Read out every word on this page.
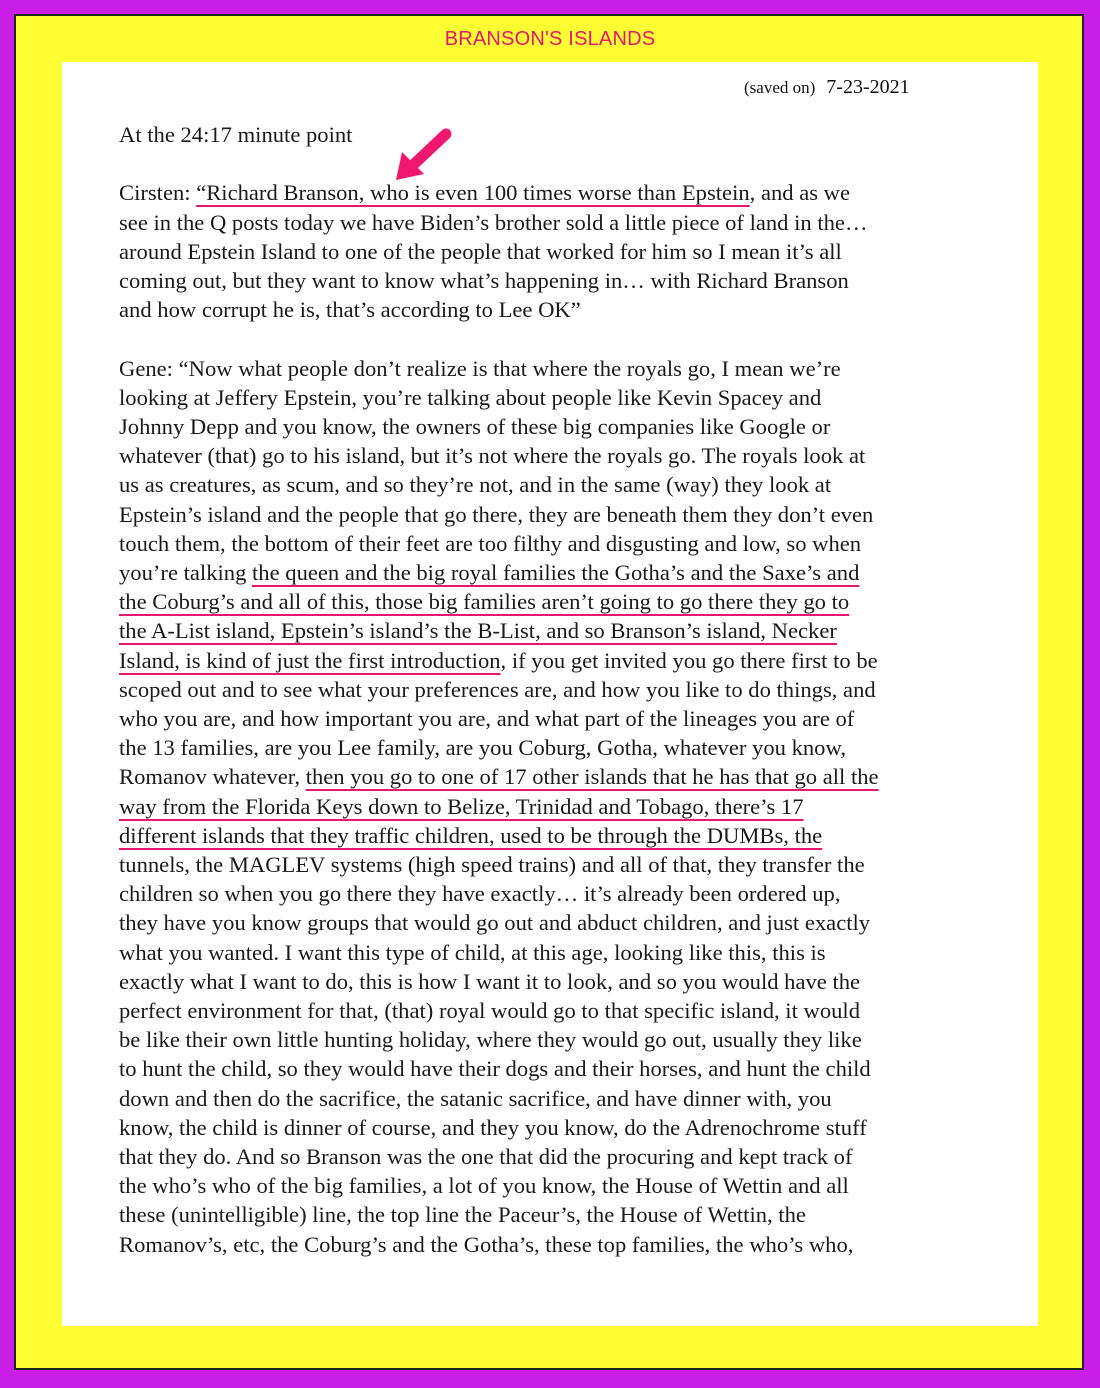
BRANSON'S ISLANDS
(saved on) 7-23-2021

At the 24:17 minute point

Cirsten: “Richard Branson, who is even 100 times worse than Epstein, and as we
see in the Q posts today we have Biden’s brother sold a little piece of land in the…
around Epstein Island to one of the people that worked for him so I mean it’s all
coming out, but they want to know what’s happening in… with Richard Branson
and how corrupt he is, that’s according to Lee OK”

Gene: “Now what people don’t realize is that where the royals go, I mean we’re
looking at Jeffery Epstein, you’re talking about people like Kevin Spacey and
Johnny Depp and you know, the owners of these big companies like Google or
whatever (that) go to his island, but it’s not where the royals go. The royals look at
us as creatures, as scum, and so they’re not, and in the same (way) they look at
Epstein’s island and the people that go there, they are beneath them they don’t even
touch them, the bottom of their feet are too filthy and disgusting and low, so when
you’re talking the queen and the big royal families the Gotha’s and the Saxe’s and
the Coburg’s and all of this, those big families aren’t going to go there they go to
the A-List island, Epstein’s island’s the B-List, and so Branson’s island, Necker
Island, is kind of just the first introduction, if you get invited you go there first to be
scoped out and to see what your preferences are, and how you like to do things, and
who you are, and how important you are, and what part of the lineages you are of
the 13 families, are you Lee family, are you Coburg, Gotha, whatever you know,
Romanov whatever, then you go to one of 17 other islands that he has that go all the
way from the Florida Keys down to Belize, Trinidad and Tobago, there’s 17
different islands that they traffic children, used to be through the DUMBs, the
tunnels, the MAGLEV systems (high speed trains) and all of that, they transfer the
children so when you go there they have exactly… it’s already been ordered up,
they have you know groups that would go out and abduct children, and just exactly
what you wanted. I want this type of child, at this age, looking like this, this is
exactly what I want to do, this is how I want it to look, and so you would have the
perfect environment for that, (that) royal would go to that specific island, it would
be like their own little hunting holiday, where they would go out, usually they like
to hunt the child, so they would have their dogs and their horses, and hunt the child
down and then do the sacrifice, the satanic sacrifice, and have dinner with, you
know, the child is dinner of course, and they you know, do the Adrenochrome stuff
that they do. And so Branson was the one that did the procuring and kept track of
the who’s who of the big families, a lot of you know, the House of Wettin and all
these (unintelligible) line, the top line the Paceur’s, the House of Wettin, the
Romanov’s, etc, the Coburg’s and the Gotha’s, these top families, the who’s who,
